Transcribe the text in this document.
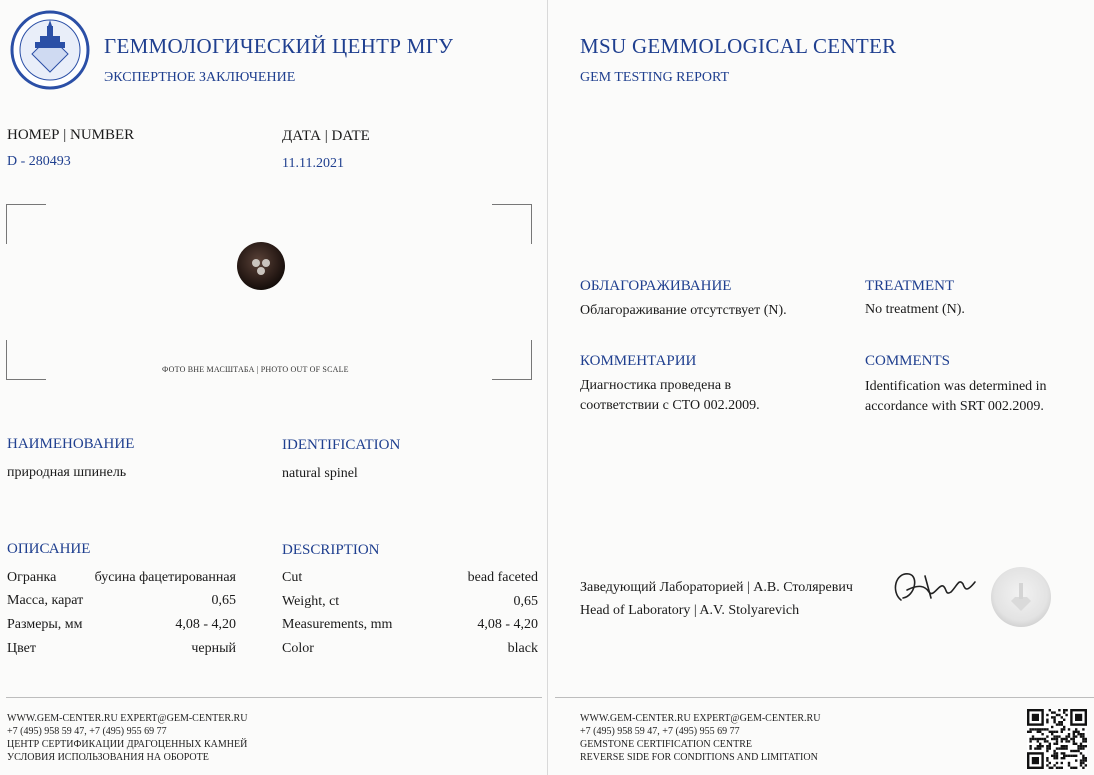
ГЕММОЛОГИЧЕСКИЙ ЦЕНТР МГУ
ЭКСПЕРТНОЕ ЗАКЛЮЧЕНИЕ
НОМЕР | NUMBER
D - 280493
ДАТА | DATE
11.11.2021
ФОТО ВНЕ МАСШТАБА | PHOTO OUT OF SCALE
НАИМЕНОВАНИЕ
природная шпинель
IDENTIFICATION
natural spinel
ОПИСАНИЕ	DESCRIPTION
Огранка	бусина фацетированная
Масса, карат	0,65
Размеры, мм	4,08 - 4,20
Цвет	черный
Cut	bead faceted
Weight, ct	0,65
Measurements, mm	4,08 - 4,20
Color	black
WWW.GEM-CENTER.RU EXPERT@GEM-CENTER.RU
+7 (495) 958 59 47, +7 (495) 955 69 77
ЦЕНТР СЕРТИФИКАЦИИ ДРАГОЦЕННЫХ КАМНЕЙ
УСЛОВИЯ ИСПОЛЬЗОВАНИЯ НА ОБОРОТЕ
MSU GEMMOLOGICAL CENTER
GEM TESTING REPORT
ОБЛАГОРАЖИВАНИЕ
Облагораживание отсутствует (N).
TREATMENT
No treatment (N).
КОММЕНТАРИИ
Диагностика проведена в соответствии с СТО 002.2009.
COMMENTS
Identification was determined in accordance with SRT 002.2009.
Заведующий Лабораторией | А.В. Столяревич
Head of Laboratory | A.V. Stolyarevich
WWW.GEM-CENTER.RU EXPERT@GEM-CENTER.RU
+7 (495) 958 59 47, +7 (495) 955 69 77
GEMSTONE CERTIFICATION CENTRE
REVERSE SIDE FOR CONDITIONS AND LIMITATION
